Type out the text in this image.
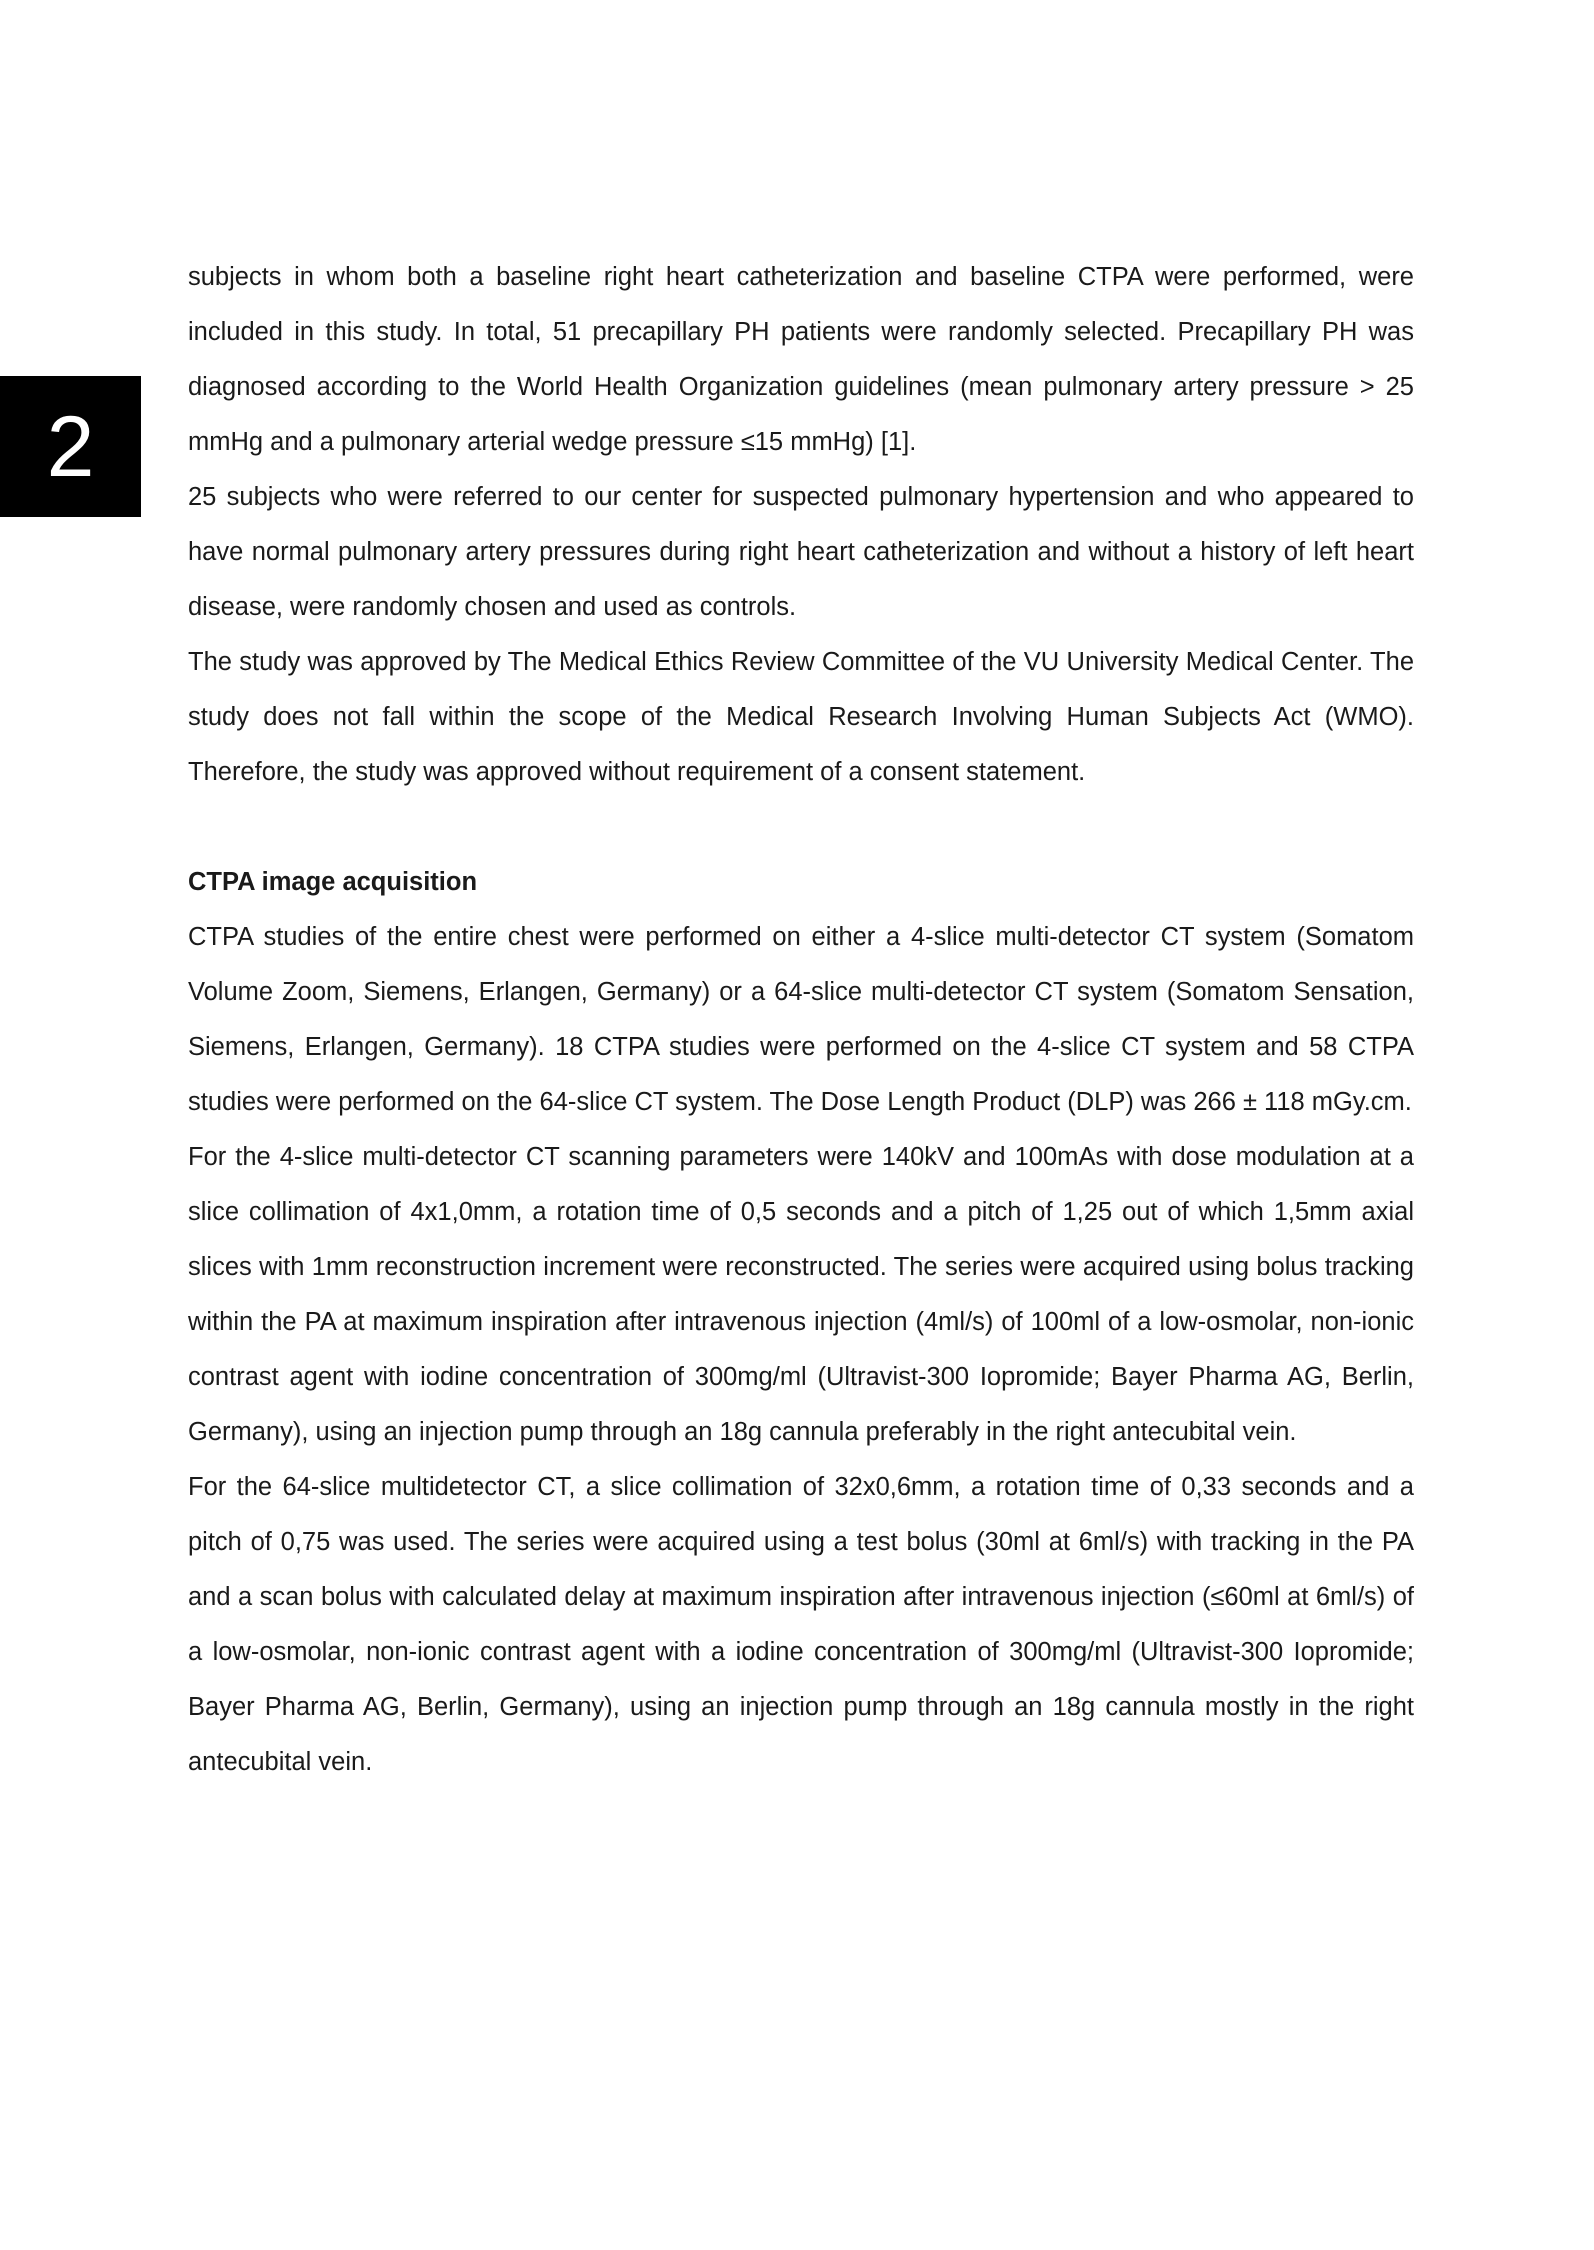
2

subjects in whom both a baseline right heart catheterization and baseline CTPA were performed, were included in this study. In total, 51 precapillary PH patients were randomly selected. Precapillary PH was diagnosed according to the World Health Organization guidelines (mean pulmonary artery pressure > 25 mmHg and a pulmonary arterial wedge pressure ≤15 mmHg) [1].

25 subjects who were referred to our center for suspected pulmonary hypertension and who appeared to have normal pulmonary artery pressures during right heart catheterization and without a history of left heart disease, were randomly chosen and used as controls.

The study was approved by The Medical Ethics Review Committee of the VU University Medical Center. The study does not fall within the scope of the Medical Research Involving Human Subjects Act (WMO). Therefore, the study was approved without requirement of a consent statement.

CTPA image acquisition

CTPA studies of the entire chest were performed on either a 4-slice multi-detector CT system (Somatom Volume Zoom, Siemens, Erlangen, Germany) or a 64-slice multi-detector CT system (Somatom Sensation, Siemens, Erlangen, Germany). 18 CTPA studies were performed on the 4-slice CT system and 58 CTPA studies were performed on the 64-slice CT system. The Dose Length Product (DLP) was 266 ± 118 mGy.cm.

For the 4-slice multi-detector CT scanning parameters were 140kV and 100mAs with dose modulation at a slice collimation of 4x1,0mm, a rotation time of 0,5 seconds and a pitch of 1,25 out of which 1,5mm axial slices with 1mm reconstruction increment were reconstructed. The series were acquired using bolus tracking within the PA at maximum inspiration after intravenous injection (4ml/s) of 100ml of a low-osmolar, non-ionic contrast agent with iodine concentration of 300mg/ml (Ultravist-300 Iopromide; Bayer Pharma AG, Berlin, Germany), using an injection pump through an 18g cannula preferably in the right antecubital vein.

For the 64-slice multidetector CT, a slice collimation of 32x0,6mm, a rotation time of 0,33 seconds and a pitch of 0,75 was used. The series were acquired using a test bolus (30ml at 6ml/s) with tracking in the PA and a scan bolus with calculated delay at maximum inspiration after intravenous injection (≤60ml at 6ml/s) of a low-osmolar, non-ionic contrast agent with a iodine concentration of 300mg/ml (Ultravist-300 Iopromide; Bayer Pharma AG, Berlin, Germany), using an injection pump through an 18g cannula mostly in the right antecubital vein.
